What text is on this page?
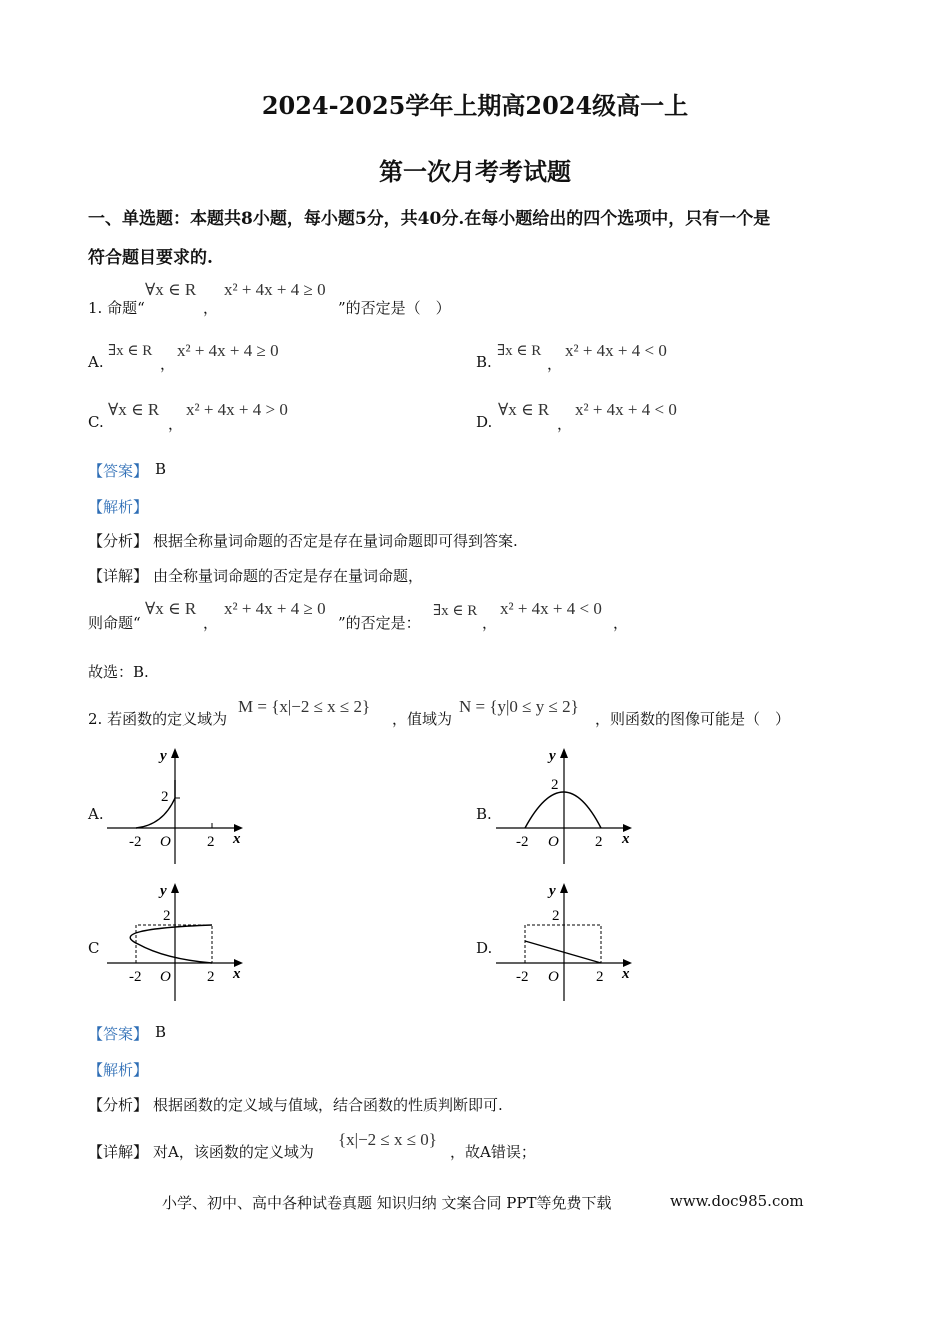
2024-2025学年上期高2024级高一上
第一次月考考试题
一、单选题：本题共8小题，每小题5分，共40分.在每小题给出的四个选项中，只有一个是
符合题目要求的.
1. 命题“
∀x ∈ R
，
x² + 4x + 4 ≥ 0
”的否定是（　）
A.
∃x ∈ R
，
x² + 4x + 4 ≥ 0
B.
∃x ∈ R
，
x² + 4x + 4 < 0
C.
∀x ∈ R
，
x² + 4x + 4 > 0
D.
∀x ∈ R
，
x² + 4x + 4 < 0
【答案】 B
【解析】
【分析】 根据全称量词命题的否定是存在量词命题即可得到答案.
【详解】 由全称量词命题的否定是存在量词命题，
则命题“
∀x ∈ R
，
x² + 4x + 4 ≥ 0
”的否定是：
∃x ∈ R
，
x² + 4x + 4 < 0
，
故选：B.
2. 若函数的定义域为
M = {x|−2 ≤ x ≤ 2}
，值域为
N = {y|0 ≤ y ≤ 2}
，则函数的图像可能是（　）
A.	B.
C	D.
y
x
2
-2 O 2
y
x
2
-2 O 2
y
x
2
-2 O 2
y
x
2
-2 O 2
【答案】 B
【解析】
【分析】 根据函数的定义域与值域，结合函数的性质判断即可.
【详解】 对A，该函数的定义域为
{x|−2 ≤ x ≤ 0}
，故A错误；
小学、初中、高中各种试卷真题 知识归纳 文案合同 PPT等免费下载	www.doc985.com
